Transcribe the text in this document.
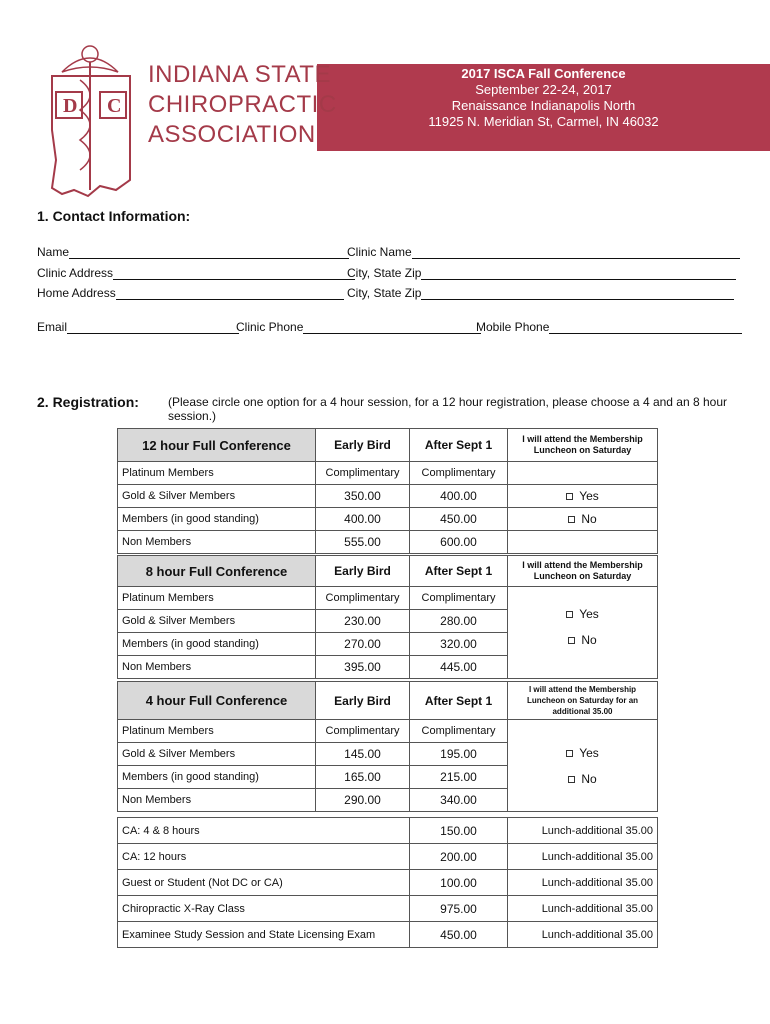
2017 ISCA Fall Conference
September 22-24, 2017
Renaissance Indianapolis North
11925 N. Meridian St, Carmel, IN 46032
D C
INDIANA STATE
CHIROPRACTIC
ASSOCIATION
1. Contact Information:
Name	Clinic Name
Clinic Address	City, State Zip
Home Address	City, State Zip
Email	Clinic Phone	Mobile Phone
2. Registration: (Please circle one option for a 4 hour session, for a 12 hour registration, please choose a 4 and an 8 hour session.)
12 hour Full Conference	Early Bird	After Sept 1	I will attend the Membership Luncheon on Saturday
Platinum Members	Complimentary	Complimentary	
Gold & Silver Members	350.00	400.00	Yes
Members (in good standing)	400.00	450.00	No
Non Members	555.00	600.00	
8 hour Full Conference	Early Bird	After Sept 1	I will attend the Membership Luncheon on Saturday
Platinum Members	Complimentary	Complimentary	Yes
No

Gold & Silver Members	230.00	280.00	
Members (in good standing)	270.00	320.00	
Non Members	395.00	445.00	
4 hour Full Conference	Early Bird	After Sept 1	I will attend the Membership Luncheon on Saturday for an additional 35.00
Platinum Members	Complimentary	Complimentary	Yes
No

Gold & Silver Members	145.00	195.00	
Members (in good standing)	165.00	215.00	
Non Members	290.00	340.00	
CA: 4 & 8 hours	150.00	Lunch-additional 35.00
CA: 12 hours	200.00	Lunch-additional 35.00
Guest or Student (Not DC or CA)	100.00	Lunch-additional 35.00
Chiropractic X-Ray Class	975.00	Lunch-additional 35.00
Examinee Study Session and State Licensing Exam	450.00	Lunch-additional 35.00
